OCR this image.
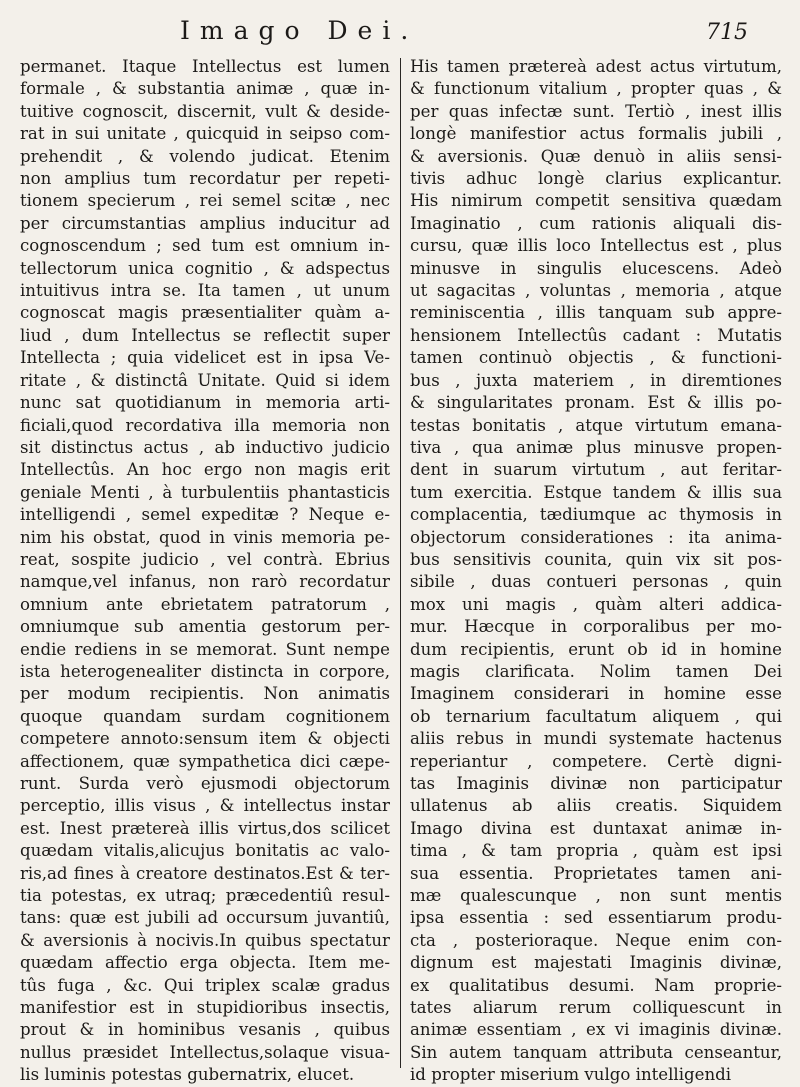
Imago Dei.	715
permanet. Itaque Intellectus est lumen
formale , & substantia animæ , quæ in-
tuitive cognoscit, discernit, vult & deside-
rat in sui unitate , quicquid in seipso com-
prehendit , & volendo judicat. Etenim
non amplius tum recordatur per repeti-
tionem specierum , rei semel scitæ , nec
per circumstantias amplius inducitur ad
cognoscendum ; sed tum est omnium in-
tellectorum unica cognitio , & adspectus
intuitivus intra se. Ita tamen , ut unum
cognoscat magis præsentialiter quàm a-
liud , dum Intellectus se reflectit super
Intellecta ; quia videlicet est in ipsa Ve-
ritate , & distinctâ Unitate. Quid si idem
nunc sat quotidianum in memoria arti-
ficiali,quod recordativa illa memoria non
sit distinctus actus , ab inductivo judicio
Intellectûs. An hoc ergo non magis erit
geniale Menti , à turbulentiis phantasticis
intelligendi , semel expeditæ ? Neque e-
nim his obstat, quod in vinis memoria pe-
reat, sospite judicio , vel contrà. Ebrius
namque,vel infanus, non rarò recordatur
omnium ante ebrietatem patratorum ,
omniumque sub amentia gestorum per-
endie rediens in se memorat. Sunt nempe
ista heterogenealiter distincta in corpore,
per modum recipientis. Non animatis
quoque quandam surdam cognitionem
competere annoto:sensum item & objecti
affectionem, quæ sympathetica dici cæpe-
runt. Surda verò ejusmodi objectorum
perceptio, illis visus , & intellectus instar
est. Inest prætereà illis virtus,dos scilicet
quædam vitalis,alicujus bonitatis ac valo-
ris,ad fines à creatore destinatos.Est & ter-
tia potestas, ex utraq; præcedentiû resul-
tans: quæ est jubili ad occursum juvantiû,
& aversionis à nocivis.In quibus spectatur
quædam affectio erga objecta. Item me-
tûs fuga , &c. Qui triplex scalæ gradus
manifestior est in stupidioribus insectis,
prout & in hominibus vesanis , quibus
nullus præsidet Intellectus,solaque visua-
lis luminis potestas gubernatrix, elucet.
His tamen prætereà adest actus virtutum,
& functionum vitalium , propter quas , &
per quas infectæ sunt. Tertiò , inest illis
longè manifestior actus formalis jubili ,
& aversionis. Quæ denuò in aliis sensi-
tivis adhuc longè clarius explicantur.
His nimirum competit sensitiva quædam
Imaginatio , cum rationis aliquali dis-
cursu, quæ illis loco Intellectus est , plus
minusve in singulis elucescens. Adeò
ut sagacitas , voluntas , memoria , atque
reminiscentia , illis tanquam sub appre-
hensionem Intellectûs cadant : Mutatis
tamen continuò objectis , & functioni-
bus , juxta materiem , in diremtiones
& singularitates pronam. Est & illis po-
testas bonitatis , atque virtutum emana-
tiva , qua animæ plus minusve propen-
dent in suarum virtutum , aut feritar-
tum exercitia. Estque tandem & illis sua
complacentia, tædiumque ac thymosis in
objectorum considerationes : ita anima-
bus sensitivis counita, quin vix sit pos-
sibile , duas contueri personas , quin
mox uni magis , quàm alteri addica-
mur. Hæcque in corporalibus per mo-
dum recipientis, erunt ob id in homine
magis clarificata. Nolim tamen Dei
Imaginem considerari in homine esse
ob ternarium facultatum aliquem , qui
aliis rebus in mundi systemate hactenus
reperiantur , competere. Certè digni-
tas Imaginis divinæ non participatur
ullatenus ab aliis creatis. Siquidem
Imago divina est duntaxat animæ in-
tima , & tam propria , quàm est ipsi
sua essentia. Proprietates tamen ani-
mæ qualescunque , non sunt mentis
ipsa essentia : sed essentiarum produ-
cta , posterioraque. Neque enim con-
dignum est majestati Imaginis divinæ,
ex qualitatibus desumi. Nam proprie-
tates aliarum rerum colliquescunt in
animæ essentiam , ex vi imaginis divinæ.
Sin autem tanquam attributa censeantur,
id propter miserium vulgo intelligendi
